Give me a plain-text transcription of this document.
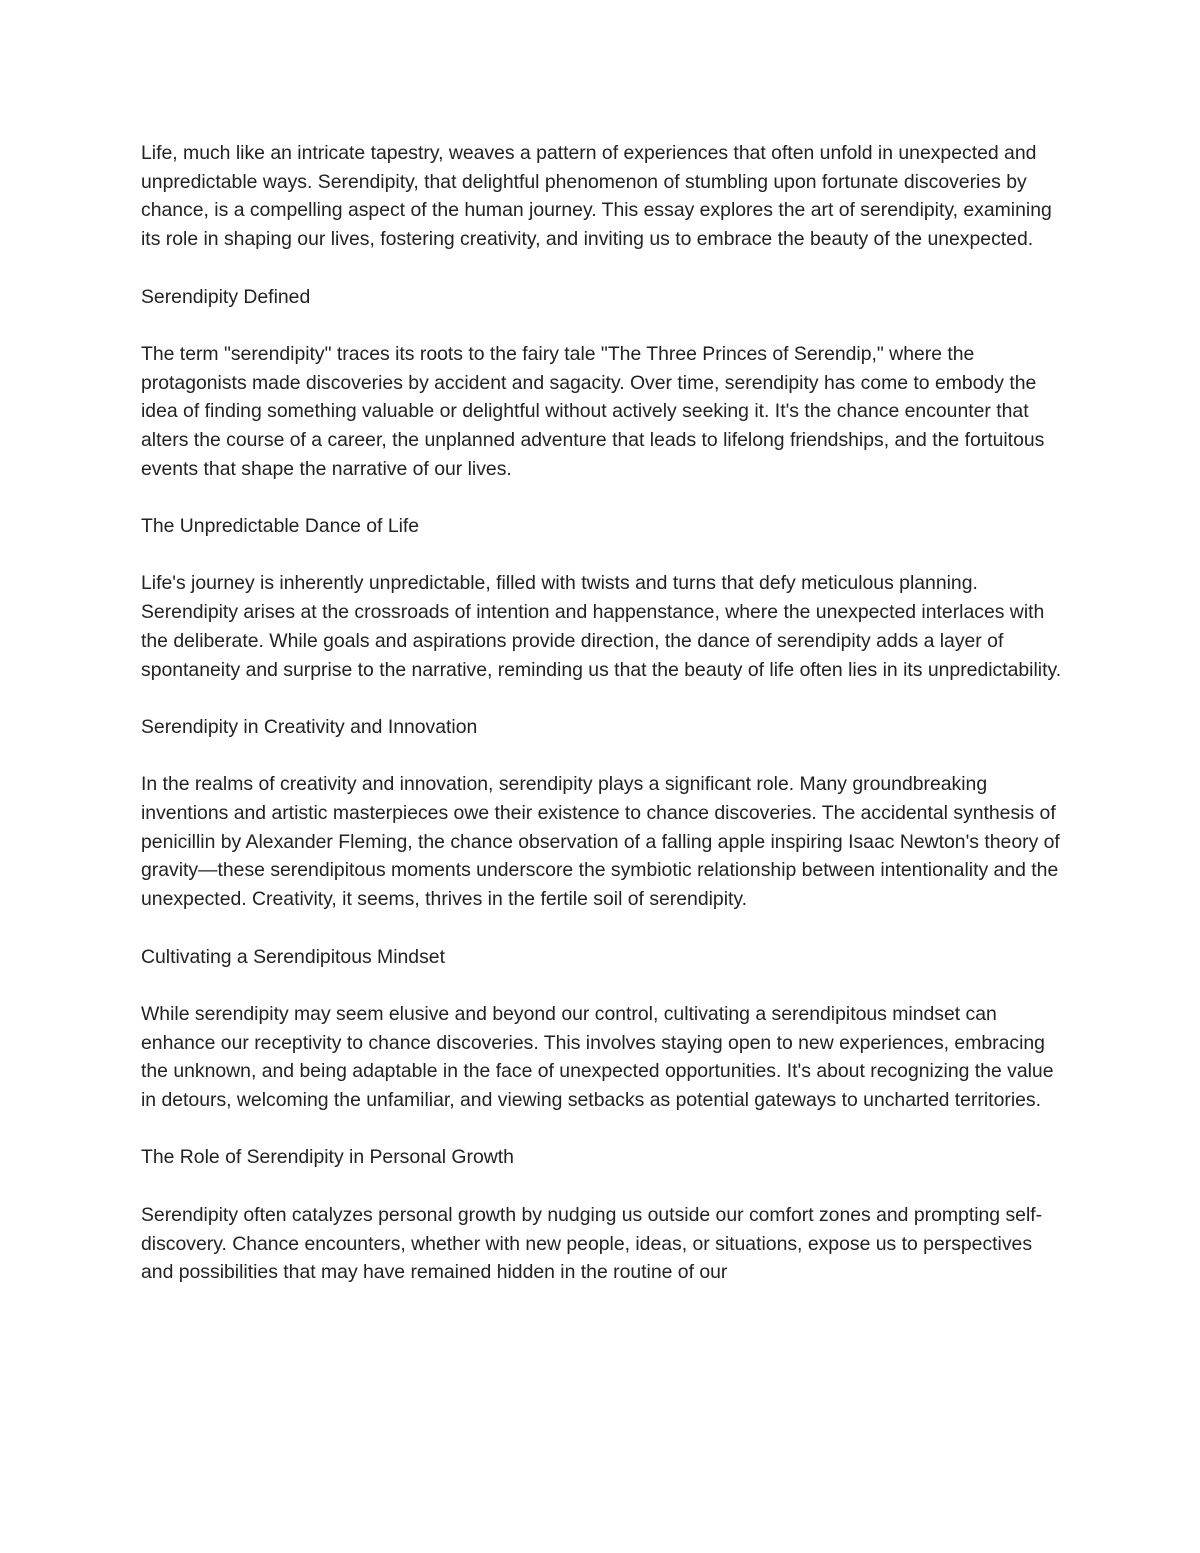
Life, much like an intricate tapestry, weaves a pattern of experiences that often unfold in unexpected and unpredictable ways. Serendipity, that delightful phenomenon of stumbling upon fortunate discoveries by chance, is a compelling aspect of the human journey. This essay explores the art of serendipity, examining its role in shaping our lives, fostering creativity, and inviting us to embrace the beauty of the unexpected.

Serendipity Defined

The term "serendipity" traces its roots to the fairy tale "The Three Princes of Serendip," where the protagonists made discoveries by accident and sagacity. Over time, serendipity has come to embody the idea of finding something valuable or delightful without actively seeking it. It's the chance encounter that alters the course of a career, the unplanned adventure that leads to lifelong friendships, and the fortuitous events that shape the narrative of our lives.

The Unpredictable Dance of Life

Life's journey is inherently unpredictable, filled with twists and turns that defy meticulous planning. Serendipity arises at the crossroads of intention and happenstance, where the unexpected interlaces with the deliberate. While goals and aspirations provide direction, the dance of serendipity adds a layer of spontaneity and surprise to the narrative, reminding us that the beauty of life often lies in its unpredictability.

Serendipity in Creativity and Innovation

In the realms of creativity and innovation, serendipity plays a significant role. Many groundbreaking inventions and artistic masterpieces owe their existence to chance discoveries. The accidental synthesis of penicillin by Alexander Fleming, the chance observation of a falling apple inspiring Isaac Newton's theory of gravity—these serendipitous moments underscore the symbiotic relationship between intentionality and the unexpected. Creativity, it seems, thrives in the fertile soil of serendipity.

Cultivating a Serendipitous Mindset

While serendipity may seem elusive and beyond our control, cultivating a serendipitous mindset can enhance our receptivity to chance discoveries. This involves staying open to new experiences, embracing the unknown, and being adaptable in the face of unexpected opportunities. It's about recognizing the value in detours, welcoming the unfamiliar, and viewing setbacks as potential gateways to uncharted territories.

The Role of Serendipity in Personal Growth

Serendipity often catalyzes personal growth by nudging us outside our comfort zones and prompting self-discovery. Chance encounters, whether with new people, ideas, or situations, expose us to perspectives and possibilities that may have remained hidden in the routine of our
